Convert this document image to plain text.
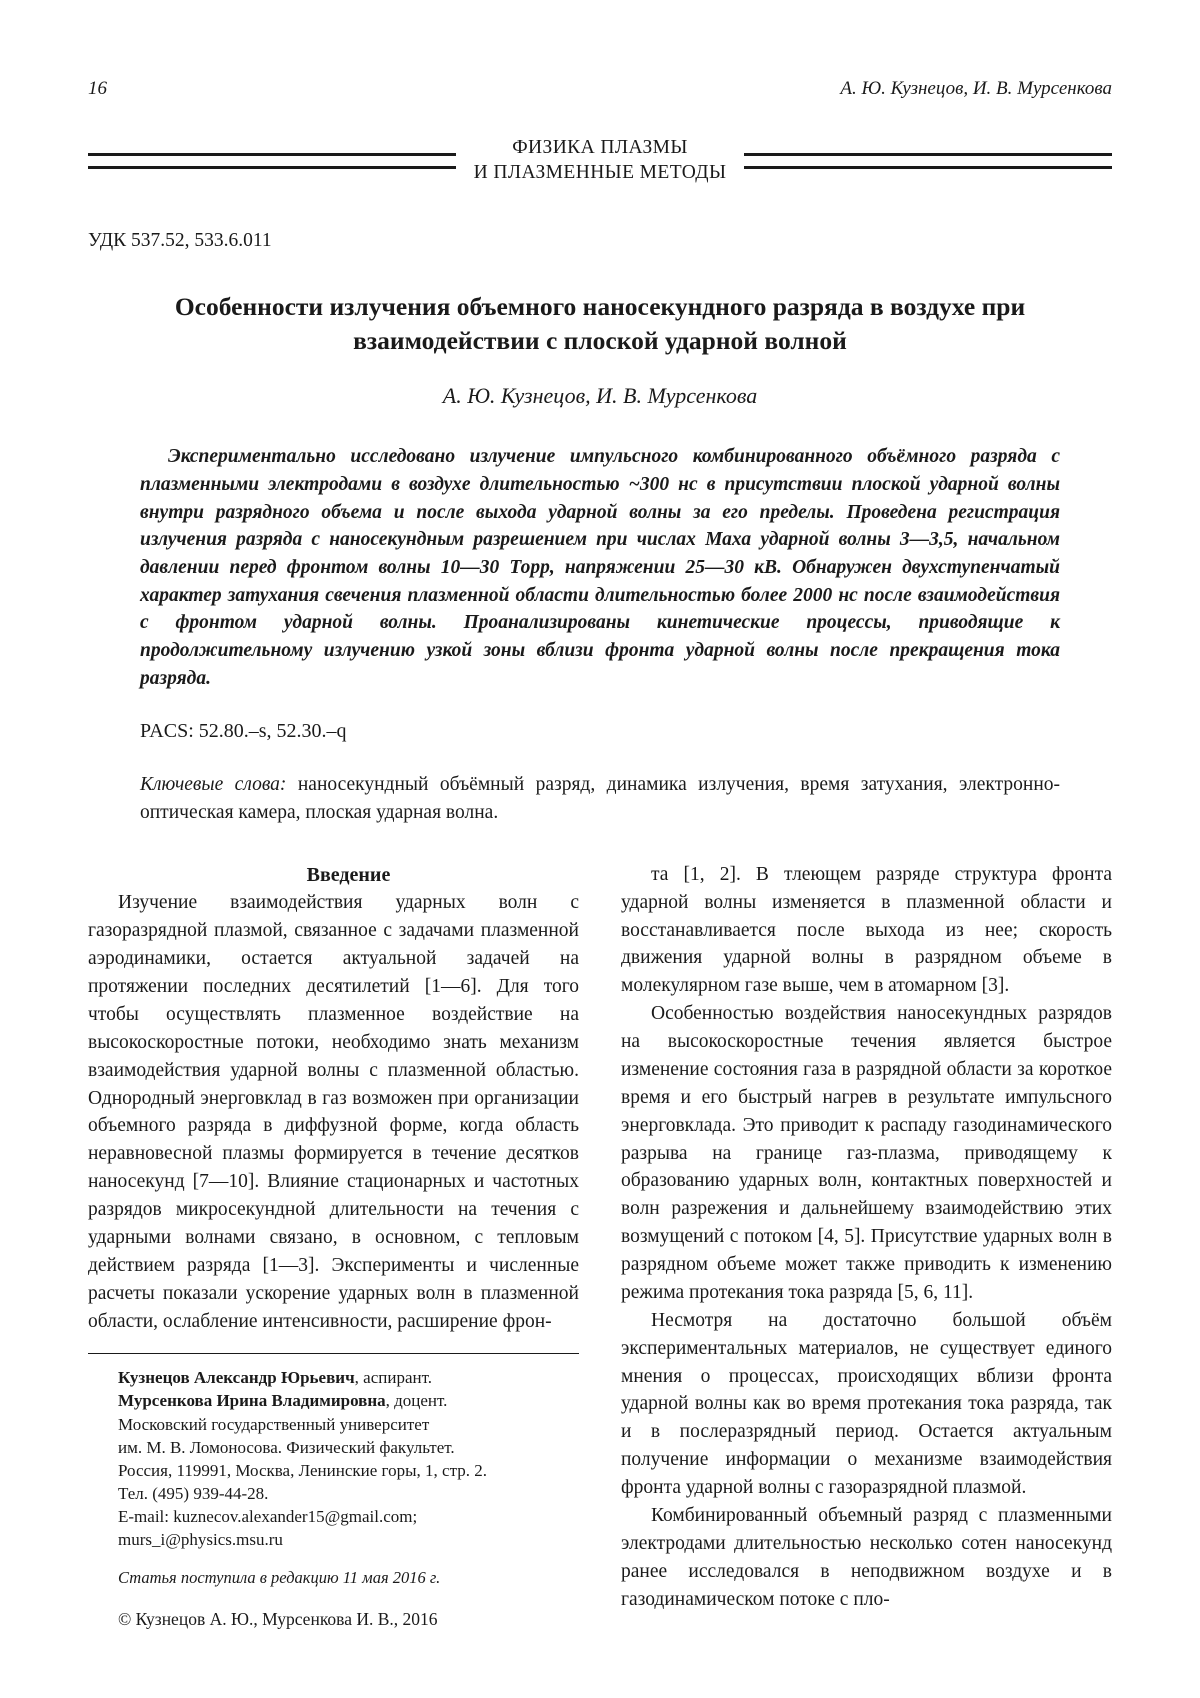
16	А. Ю. Кузнецов, И. В. Мурсенкова
ФИЗИКА ПЛАЗМЫ
И ПЛАЗМЕННЫЕ МЕТОДЫ
УДК 537.52, 533.6.011
Особенности излучения объемного наносекундного разряда в воздухе при взаимодействии с плоской ударной волной
А. Ю. Кузнецов, И. В. Мурсенкова
Экспериментально исследовано излучение импульсного комбинированного объёмного разряда с плазменными электродами в воздухе длительностью ~300 нс в присутствии плоской ударной волны внутри разрядного объема и после выхода ударной волны за его пределы. Проведена регистрация излучения разряда с наносекундным разрешением при числах Маха ударной волны 3—3,5, начальном давлении перед фронтом волны 10—30 Торр, напряжении 25—30 кВ. Обнаружен двухступенчатый характер затухания свечения плазменной области длительностью более 2000 нс после взаимодействия с фронтом ударной волны. Проанализированы кинетические процессы, приводящие к продолжительному излучению узкой зоны вблизи фронта ударной волны после прекращения тока разряда.
PACS: 52.80.–s, 52.30.–q
Ключевые слова: наносекундный объёмный разряд, динамика излучения, время затухания, электронно-оптическая камера, плоская ударная волна.

Введение

Изучение взаимодействия ударных волн с газоразрядной плазмой, связанное с задачами плазменной аэродинамики, остается актуальной задачей на протяжении последних десятилетий [1—6]. Для того чтобы осуществлять плазменное воздействие на высокоскоростные потоки, необходимо знать механизм взаимодействия ударной волны с плазменной областью. Однородный энерговклад в газ возможен при организации объемного разряда в диффузной форме, когда область неравновесной плазмы формируется в течение десятков наносекунд [7—10]. Влияние стационарных и частотных разрядов микросекундной длительности на течения с ударными волнами связано, в основном, с тепловым действием разряда [1—3]. Эксперименты и численные расчеты показали ускорение ударных волн в плазменной области, ослабление интенсивности, расширение фрон-

Кузнецов Александр Юрьевич, аспирант.

Мурсенкова Ирина Владимировна, доцент.

Московский государственный университет

им. М. В. Ломоносова. Физический факультет.

Россия, 119991, Москва, Ленинские горы, 1, стр. 2.

Тел. (495) 939-44-28.

E-mail: kuznecov.alexander15@gmail.com;

murs_i@physics.msu.ru

Статья поступила в редакцию 11 мая 2016 г.

© Кузнецов А. Ю., Мурсенкова И. В., 2016

та [1, 2]. В тлеющем разряде структура фронта ударной волны изменяется в плазменной области и восстанавливается после выхода из нее; скорость движения ударной волны в разрядном объеме в молекулярном газе выше, чем в атомарном [3].

Особенностью воздействия наносекундных разрядов на высокоскоростные течения является быстрое изменение состояния газа в разрядной области за короткое время и его быстрый нагрев в результате импульсного энерговклада. Это приводит к распаду газодинамического разрыва на границе газ-плазма, приводящему к образованию ударных волн, контактных поверхностей и волн разрежения и дальнейшему взаимодействию этих возмущений с потоком [4, 5]. Присутствие ударных волн в разрядном объеме может также приводить к изменению режима протекания тока разряда [5, 6, 11].

Несмотря на достаточно большой объём экспериментальных материалов, не существует единого мнения о процессах, происходящих вблизи фронта ударной волны как во время протекания тока разряда, так и в послеразрядный период. Остается актуальным получение информации о механизме взаимодействия фронта ударной волны с газоразрядной плазмой.

Комбинированный объемный разряд с плазменными электродами длительностью несколько сотен наносекунд ранее исследовался в неподвижном воздухе и в газодинамическом потоке с пло-
